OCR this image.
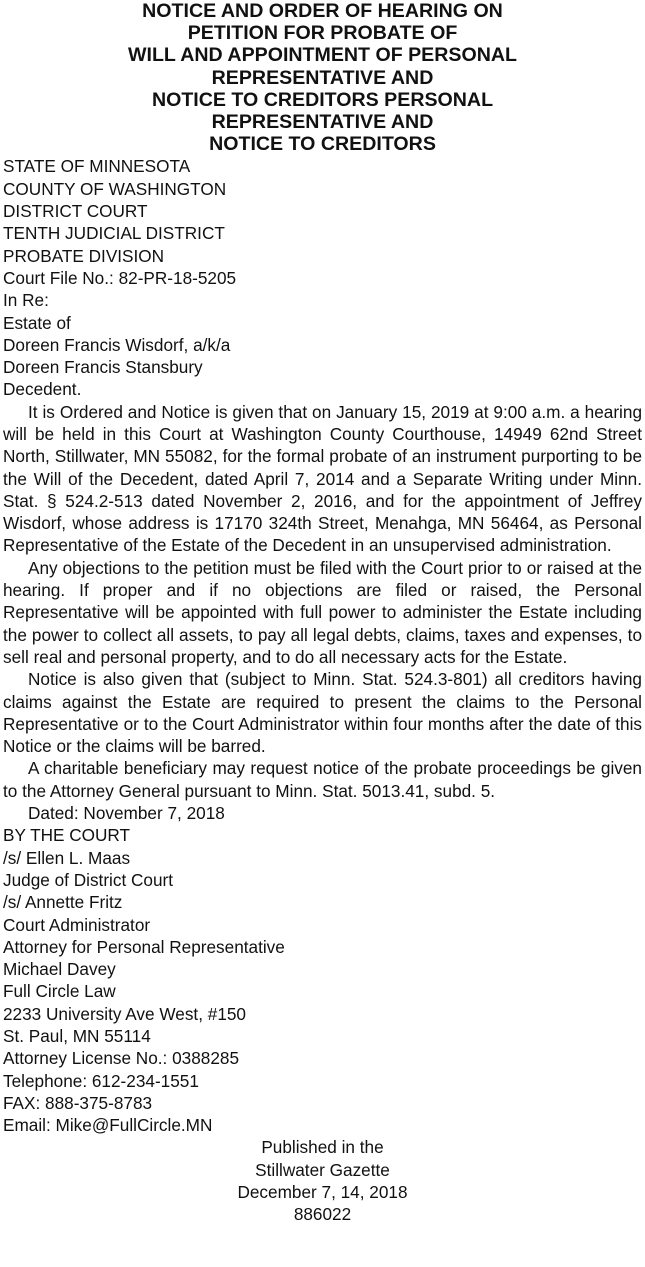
NOTICE AND ORDER OF HEARING ON
PETITION FOR PROBATE OF
WILL AND APPOINTMENT OF PERSONAL
REPRESENTATIVE AND
NOTICE TO CREDITORS PERSONAL
REPRESENTATIVE AND
NOTICE TO CREDITORS
STATE OF MINNESOTA
COUNTY OF WASHINGTON
DISTRICT COURT
TENTH JUDICIAL DISTRICT
PROBATE DIVISION
Court File No.: 82-PR-18-5205
In Re:
Estate of
Doreen Francis Wisdorf, a/k/a
Doreen Francis Stansbury
Decedent.

It is Ordered and Notice is given that on January 15, 2019 at 9:00 a.m. a hearing will be held in this Court at Washington County Courthouse, 14949 62nd Street North, Stillwater, MN 55082, for the formal probate of an instrument purporting to be the Will of the Decedent, dated April 7, 2014 and a Separate Writing under Minn. Stat. § 524.2-513 dated November 2, 2016, and for the appointment of Jeffrey Wisdorf, whose address is 17170 324th Street, Menahga, MN 56464, as Personal Representative of the Estate of the Decedent in an unsupervised administration.

Any objections to the petition must be filed with the Court prior to or raised at the hearing. If proper and if no objections are filed or raised, the Personal Representative will be appointed with full power to administer the Estate including the power to collect all assets, to pay all legal debts, claims, taxes and expenses, to sell real and personal property, and to do all necessary acts for the Estate.

Notice is also given that (subject to Minn. Stat. 524.3-801) all creditors having claims against the Estate are required to present the claims to the Personal Representative or to the Court Administrator within four months after the date of this Notice or the claims will be barred.

A charitable beneficiary may request notice of the probate proceedings be given to the Attorney General pursuant to Minn. Stat. 5013.41, subd. 5.

Dated: November 7, 2018
BY THE COURT
/s/ Ellen L. Maas
Judge of District Court
/s/ Annette Fritz
Court Administrator
Attorney for Personal Representative
Michael Davey
Full Circle Law
2233 University Ave West, #150
St. Paul, MN 55114
Attorney License No.: 0388285
Telephone: 612-234-1551
FAX: 888-375-8783
Email: Mike@FullCircle.MN
Published in the
Stillwater Gazette
December 7, 14, 2018
886022
